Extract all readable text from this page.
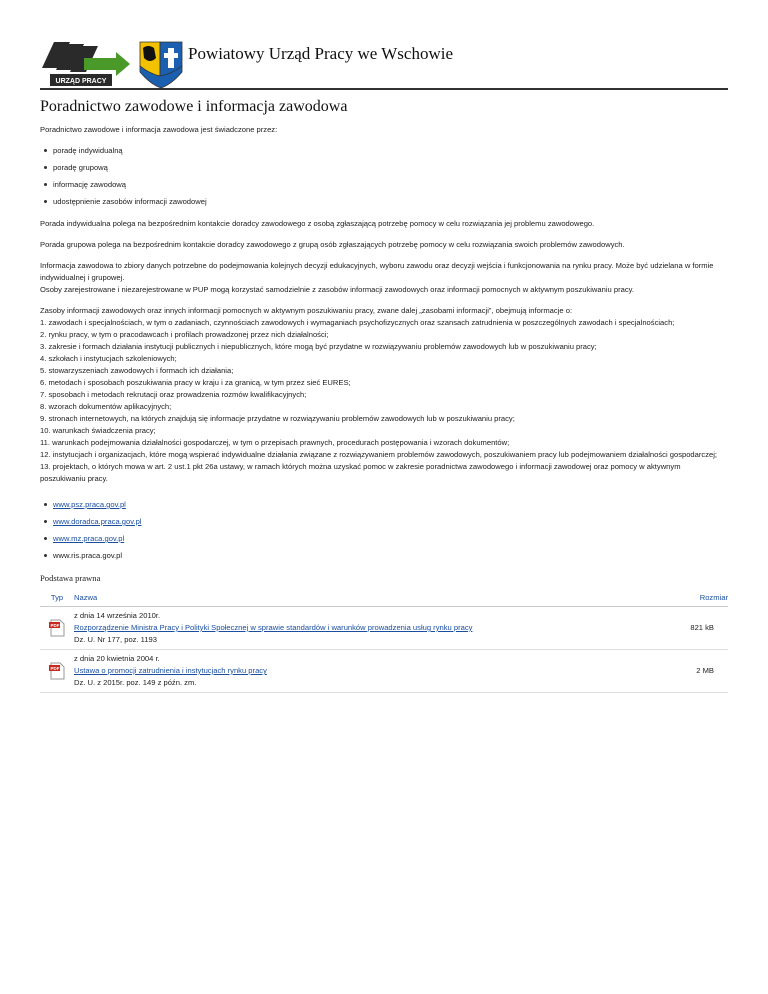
URZĄD PRACY
Powiatowy Urząd Pracy we Wschowie
Poradnictwo zawodowe i informacja zawodowa

Poradnictwo zawodowe i informacja zawodowa jest świadczone przez:

poradę indywidualną
poradę grupową
informację zawodową
udostępnienie zasobów informacji zawodowej

Porada indywidualna polega na bezpośrednim kontakcie doradcy zawodowego z osobą zgłaszającą potrzebę pomocy w celu rozwiązania jej problemu zawodowego.

Porada grupowa polega na bezpośrednim kontakcie doradcy zawodowego z grupą osób zgłaszających potrzebę pomocy w celu rozwiązania swoich problemów zawodowych.

Informacja zawodowa to zbiory danych potrzebne do podejmowania kolejnych decyzji edukacyjnych, wyboru zawodu oraz decyzji wejścia i funkcjonowania na rynku pracy. Może być udzielana w formie indywidualnej i grupowej.
Osoby zarejestrowane i niezarejestrowane w PUP mogą korzystać samodzielnie z zasobów informacji zawodowych oraz informacji pomocnych w aktywnym poszukiwaniu pracy.

Zasoby informacji zawodowych oraz innych informacji pomocnych w aktywnym poszukiwaniu pracy, zwane dalej „zasobami informacji”, obejmują informacje o:

1. zawodach i specjalnościach, w tym o zadaniach, czynnościach zawodowych i wymaganiach psychofizycznych oraz szansach zatrudnienia w poszczególnych zawodach i specjalnościach;
2. rynku pracy, w tym o pracodawcach i profilach prowadzonej przez nich działalności;
3. zakresie i formach działania instytucji publicznych i niepublicznych, które mogą być przydatne w rozwiązywaniu problemów zawodowych lub w poszukiwaniu pracy;
4. szkołach i instytucjach szkoleniowych;
5. stowarzyszeniach zawodowych i formach ich działania;
6. metodach i sposobach poszukiwania pracy w kraju i za granicą, w tym przez sieć EURES;
7. sposobach i metodach rekrutacji oraz prowadzenia rozmów kwalifikacyjnych;
8. wzorach dokumentów aplikacyjnych;
9. stronach internetowych, na których znajdują się informacje przydatne w rozwiązywaniu problemów zawodowych lub w poszukiwaniu pracy;
10. warunkach świadczenia pracy;
11. warunkach podejmowania działalności gospodarczej, w tym o przepisach prawnych, procedurach postępowania i wzorach dokumentów;
12. instytucjach i organizacjach, które mogą wspierać indywidualne działania związane z rozwiązywaniem problemów zawodowych, poszukiwaniem pracy lub podejmowaniem działalności gospodarczej;
13. projektach, o których mowa w art. 2 ust.1 pkt 26a ustawy, w ramach których można uzyskać pomoc w zakresie poradnictwa zawodowego i informacji zawodowej oraz pomocy w aktywnym poszukiwaniu pracy.
www.psz.praca.gov.pl
www.doradca.praca.gov.pl
www.mz.praca.gov.pl
www.ris.praca.gov.pl
Podstawa prawna
Typ	Nazwa	Rozmiar

PDF	z dnia 14 września 2010r.
Rozporządzenie Ministra Pracy i Polityki Społecznej w sprawie standardów i warunków prowadzenia usług rynku pracy
Dz. U. Nr 177, poz. 1193	821 kB

PDF	z dnia 20 kwietnia 2004 r.
Ustawa o promocji zatrudnienia i instytucjach rynku pracy
Dz. U. z 2015r. poz. 149 z późn. zm.	2 MB
